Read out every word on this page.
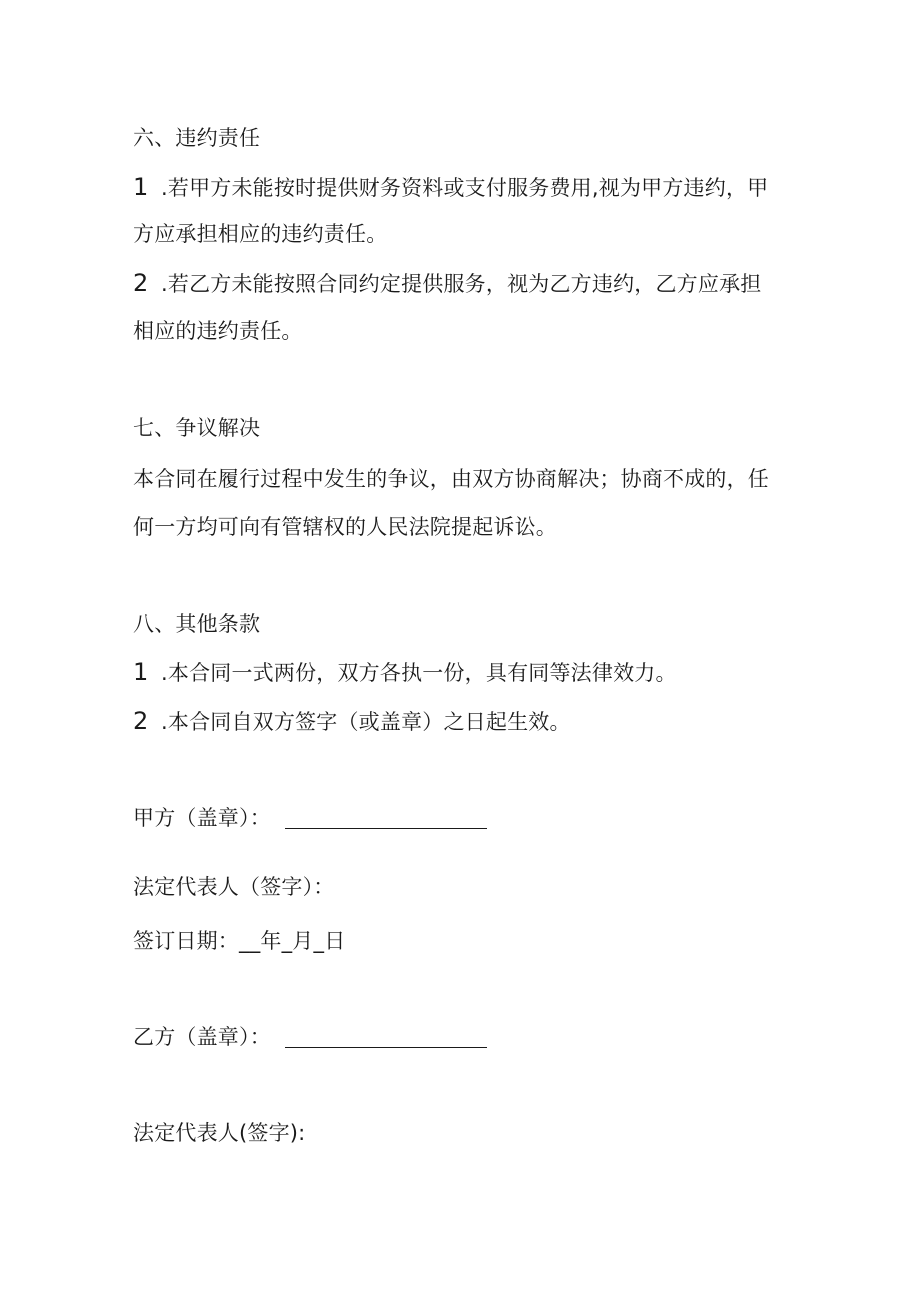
六、违约责任
1 .若甲方未能按时提供财务资料或支付服务费用,视为甲方违约，甲
方应承担相应的违约责任。
2 .若乙方未能按照合同约定提供服务，视为乙方违约，乙方应承担
相应的违约责任。
七、争议解决
本合同在履行过程中发生的争议，由双方协商解决；协商不成的，任
何一方均可向有管辖权的人民法院提起诉讼。
八、其他条款
1 .本合同一式两份，双方各执一份，具有同等法律效力。
2 .本合同自双方签字（或盖章）之日起生效。
甲方（盖章）：
法定代表人（签字）：
签订日期：__年_月_日
乙方（盖章）：
法定代表人(签字):
